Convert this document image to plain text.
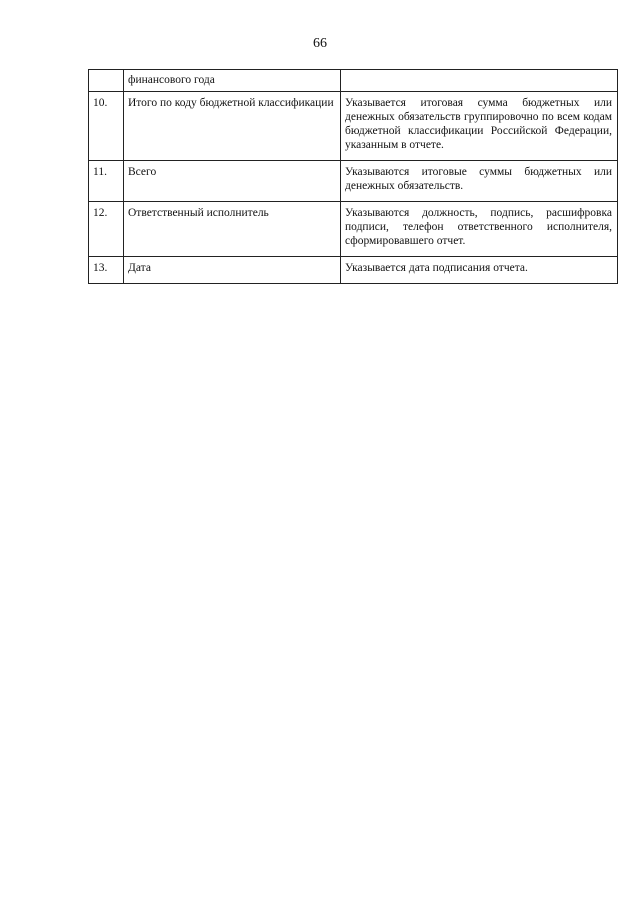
66
	финансового года	
10.	Итого по коду бюджетной классификации	Указывается итоговая сумма бюджетных или денежных обязательств группировочно по всем кодам бюджетной классификации Российской Федерации, указанным в отчете.
11.	Всего	Указываются итоговые суммы бюджетных или денежных обязательств.
12.	Ответственный исполнитель	Указываются должность, подпись, расшифровка подписи, телефон ответственного исполнителя, сформировавшего отчет.
13.	Дата	Указывается дата подписания отчета.
